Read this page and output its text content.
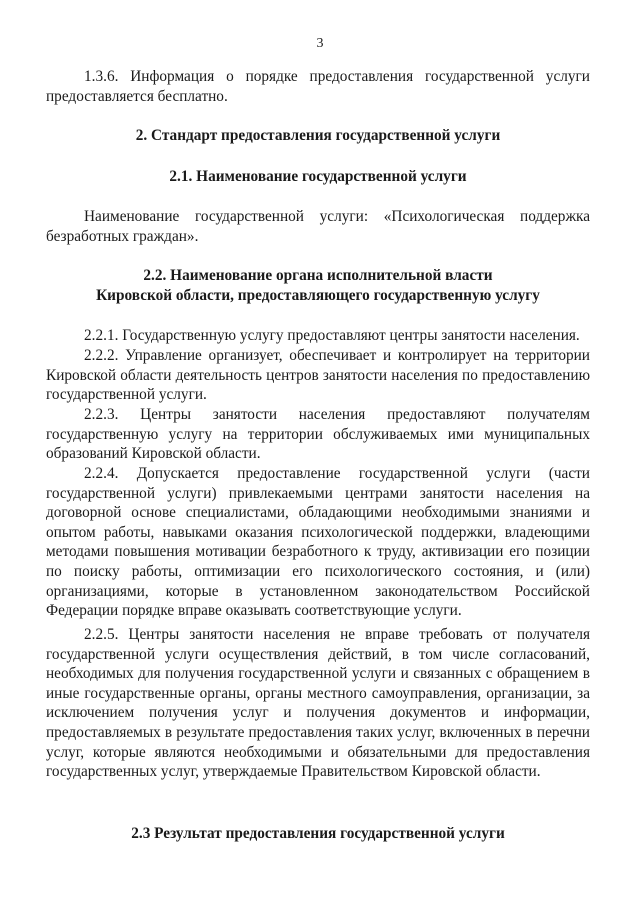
3

1.3.6. Информация о порядке предоставления государственной услуги предоставляется бесплатно.

2. Стандарт предоставления государственной услуги

2.1. Наименование государственной услуги

Наименование государственной услуги: «Психологическая поддержка безработных граждан».

2.2. Наименование органа исполнительной власти

Кировской области, предоставляющего государственную услугу

2.2.1. Государственную услугу предоставляют центры занятости населения.

2.2.2. Управление организует, обеспечивает и контролирует на территории Кировской области деятельность центров занятости населения по предоставлению государственной услуги.

2.2.3. Центры занятости населения предоставляют получателям государственную услугу на территории обслуживаемых ими муниципальных образований Кировской области.

2.2.4. Допускается предоставление государственной услуги (части государственной услуги) привлекаемыми центрами занятости населения на договорной основе специалистами, обладающими необходимыми знаниями и опытом работы, навыками оказания психологической поддержки, владеющими методами повышения мотивации безработного к труду, активизации его позиции по поиску работы, оптимизации его психологического состояния, и (или) организациями, которые в установленном законодательством Российской Федерации порядке вправе оказывать соответствующие услуги.

2.2.5. Центры занятости населения не вправе требовать от получателя государственной услуги осуществления действий, в том числе согласований, необходимых для получения государственной услуги и связанных с обращением в иные государственные органы, органы местного самоуправления, организации, за исключением получения услуг и получения документов и информации, предоставляемых в результате предоставления таких услуг, включенных в перечни услуг, которые являются необходимыми и обязательными для предоставления государственных услуг, утверждаемые Правительством Кировской области.

2.3 Результат предоставления государственной услуги
